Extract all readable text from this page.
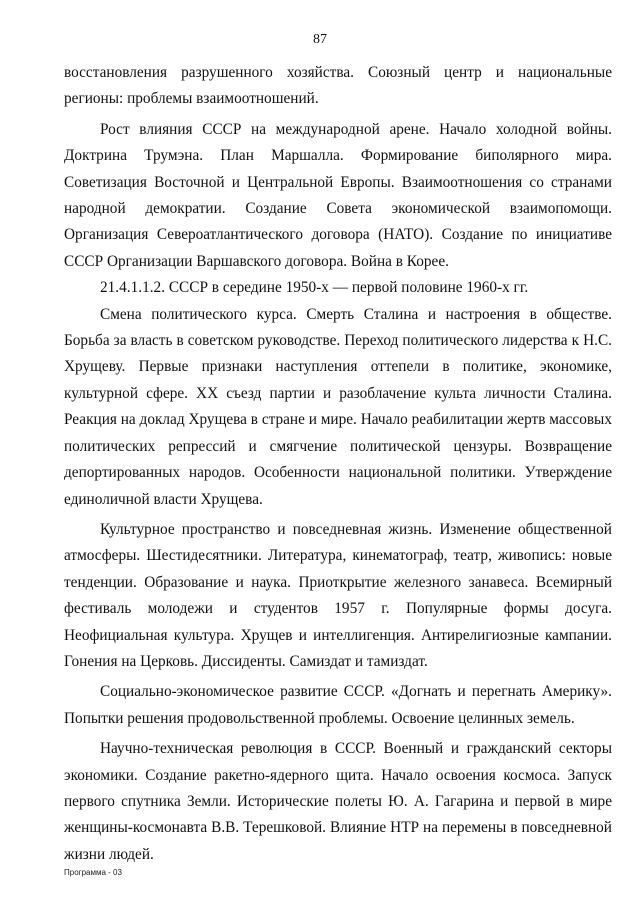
87

восстановления разрушенного хозяйства. Союзный центр и национальные регионы: проблемы взаимоотношений.

Рост влияния СССР на международной арене. Начало холодной войны. Доктрина Трумэна. План Маршалла. Формирование биполярного мира. Советизация Восточной и Центральной Европы. Взаимоотношения со странами народной демократии. Создание Совета экономической взаимопомощи. Организация Североатлантического договора (НАТО). Создание по инициативе СССР Организации Варшавского договора. Война в Корее.

21.4.1.1.2. СССР в середине 1950-х — первой половине 1960-х гг.

Смена политического курса. Смерть Сталина и настроения в обществе. Борьба за власть в советском руководстве. Переход политического лидерства к Н.С. Хрущеву. Первые признаки наступления оттепели в политике, экономике, культурной сфере. XX съезд партии и разоблачение культа личности Сталина. Реакция на доклад Хрущева в стране и мире. Начало реабилитации жертв массовых политических репрессий и смягчение политической цензуры. Возвращение депортированных народов. Особенности национальной политики. Утверждение единоличной власти Хрущева.

Культурное пространство и повседневная жизнь. Изменение общественной атмосферы. Шестидесятники. Литература, кинематограф, театр, живопись: новые тенденции. Образование и наука. Приоткрытие железного занавеса. Всемирный фестиваль молодежи и студентов 1957 г. Популярные формы досуга. Неофициальная культура. Хрущев и интеллигенция. Антирелигиозные кампании. Гонения на Церковь. Диссиденты. Самиздат и тамиздат.

Социально-экономическое развитие СССР. «Догнать и перегнать Америку». Попытки решения продовольственной проблемы. Освоение целинных земель.

Научно-техническая революция в СССР. Военный и гражданский секторы экономики. Создание ракетно-ядерного щита. Начало освоения космоса. Запуск первого спутника Земли. Исторические полеты Ю. А. Гагарина и первой в мире женщины-космонавта В.В. Терешковой. Влияние НТР на перемены в повседневной жизни людей.

Программа - 03
